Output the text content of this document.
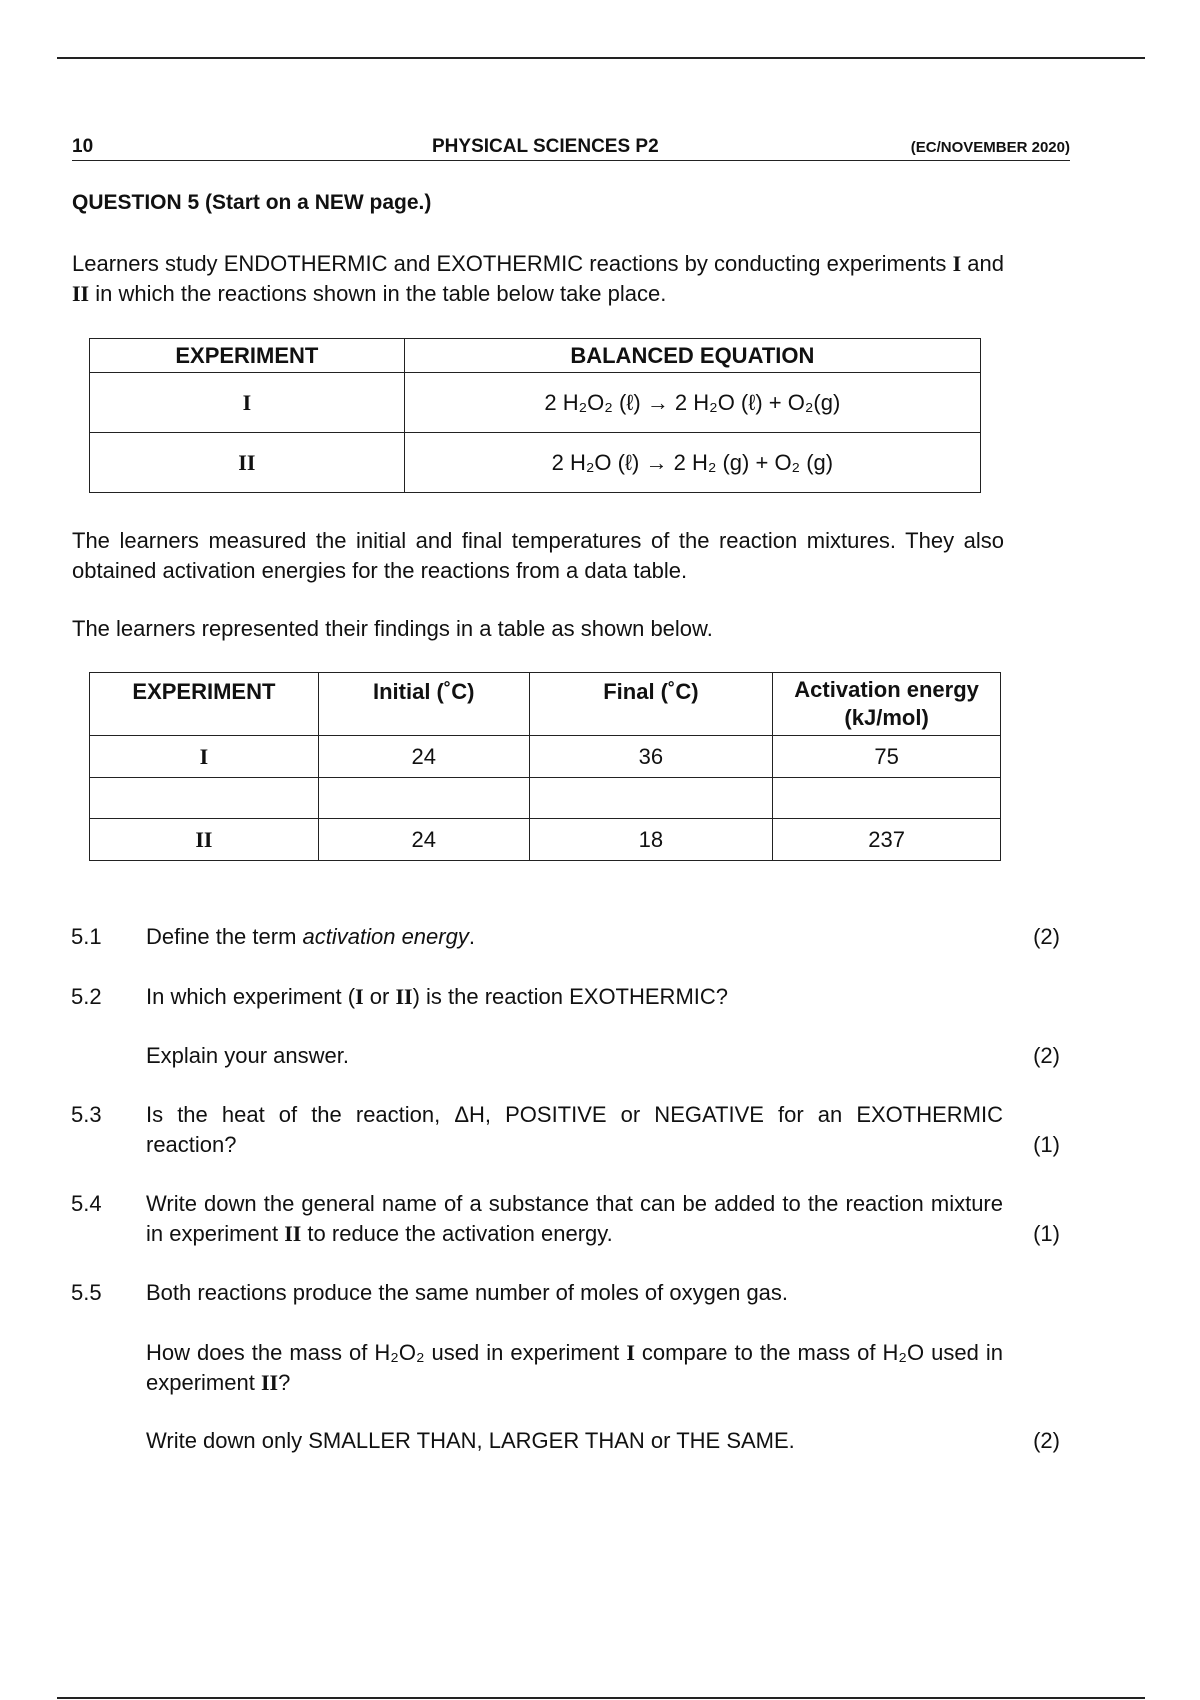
10	PHYSICAL SCIENCES P2	(EC/NOVEMBER 2020)
QUESTION 5 (Start on a NEW page.)
Learners study ENDOTHERMIC and EXOTHERMIC reactions by conducting experiments I and II in which the reactions shown in the table below take place.
EXPERIMENT	BALANCED EQUATION
I	2 H₂O₂ (ℓ) → 2 H₂O (ℓ) + O₂(g)
II	2 H₂O (ℓ) → 2 H₂ (g) + O₂ (g)
The learners measured the initial and final temperatures of the reaction mixtures. They also obtained activation energies for the reactions from a data table.
The learners represented their findings in a table as shown below.
EXPERIMENT	Initial (˚C)	Final (˚C)	Activation energy (kJ/mol)
I	24	36	75

II	24	18	237
5.1 Define the term activation energy.	(2)
5.2 In which experiment (I or II) is the reaction EXOTHERMIC?
Explain your answer.	(2)
5.3 Is the heat of the reaction, ΔH, POSITIVE or NEGATIVE for an EXOTHERMIC reaction?	(1)
5.4 Write down the general name of a substance that can be added to the reaction mixture in experiment II to reduce the activation energy.	(1)
5.5 Both reactions produce the same number of moles of oxygen gas.
How does the mass of H₂O₂ used in experiment I compare to the mass of H₂O used in experiment II?
Write down only SMALLER THAN, LARGER THAN or THE SAME.	(2)
